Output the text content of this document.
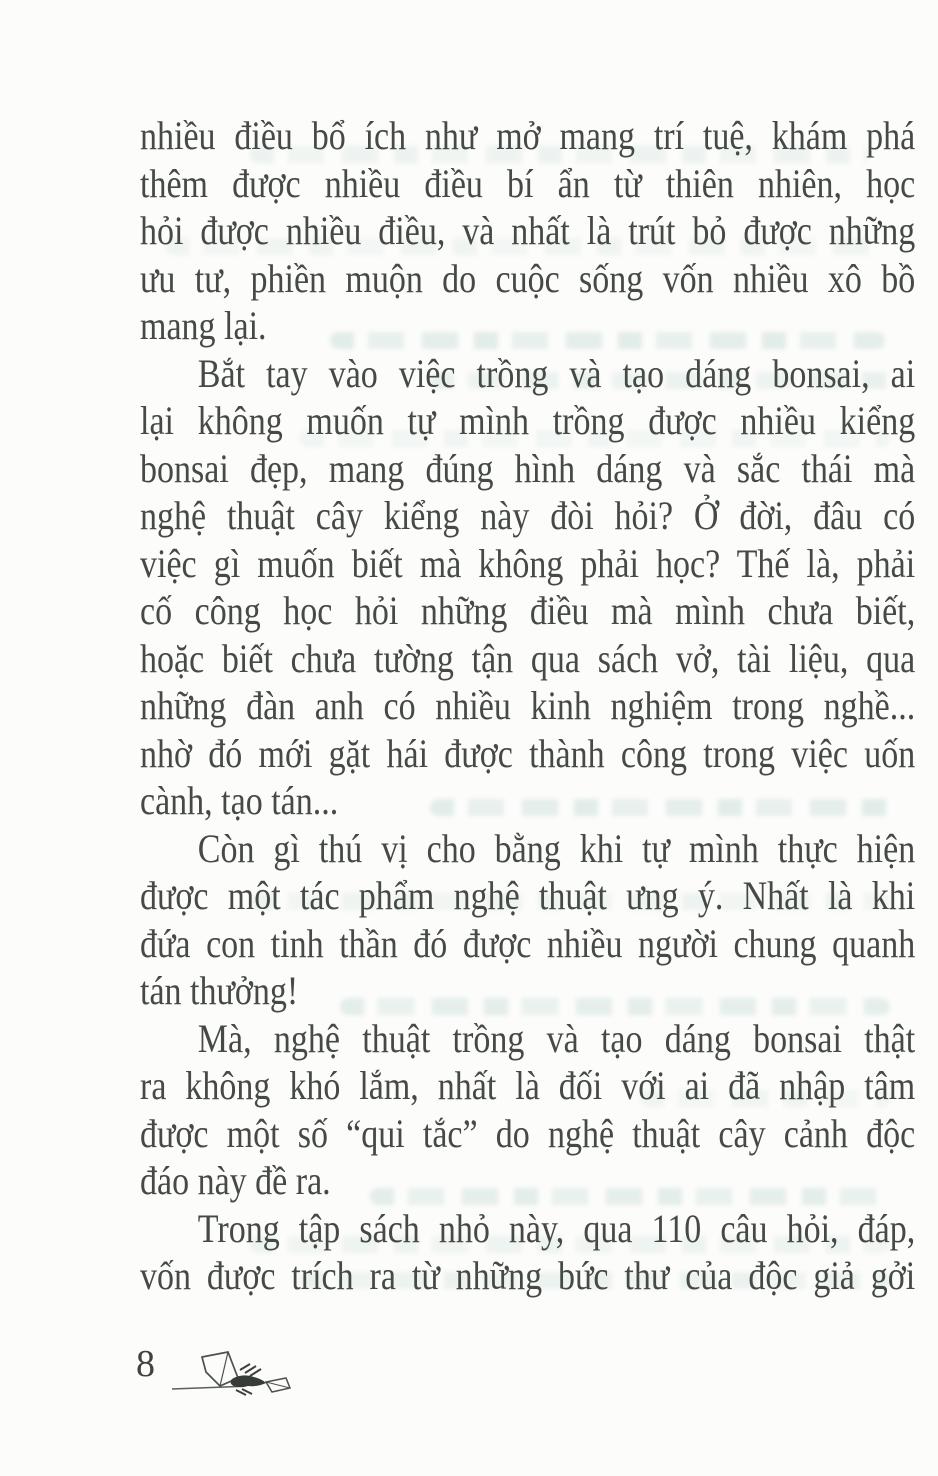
nhiều điều bổ ích như mở mang trí tuệ, khám phá
thêm được nhiều điều bí ẩn từ thiên nhiên, học
hỏi được nhiều điều, và nhất là trút bỏ được những
ưu tư, phiền muộn do cuộc sống vốn nhiều xô bồ
mang lại.
Bắt tay vào việc trồng và tạo dáng bonsai, ai
lại không muốn tự mình trồng được nhiều kiểng
bonsai đẹp, mang đúng hình dáng và sắc thái mà
nghệ thuật cây kiểng này đòi hỏi? Ở đời, đâu có
việc gì muốn biết mà không phải học? Thế là, phải
cố công học hỏi những điều mà mình chưa biết,
hoặc biết chưa tường tận qua sách vở, tài liệu, qua
những đàn anh có nhiều kinh nghiệm trong nghề...
nhờ đó mới gặt hái được thành công trong việc uốn
cành, tạo tán...
Còn gì thú vị cho bằng khi tự mình thực hiện
được một tác phẩm nghệ thuật ưng ý. Nhất là khi
đứa con tinh thần đó được nhiều người chung quanh
tán thưởng!
Mà, nghệ thuật trồng và tạo dáng bonsai thật
ra không khó lắm, nhất là đối với ai đã nhập tâm
được một số “qui tắc” do nghệ thuật cây cảnh độc
đáo này đề ra.
Trong tập sách nhỏ này, qua 110 câu hỏi, đáp,
vốn được trích ra từ những bức thư của độc giả gởi
8
